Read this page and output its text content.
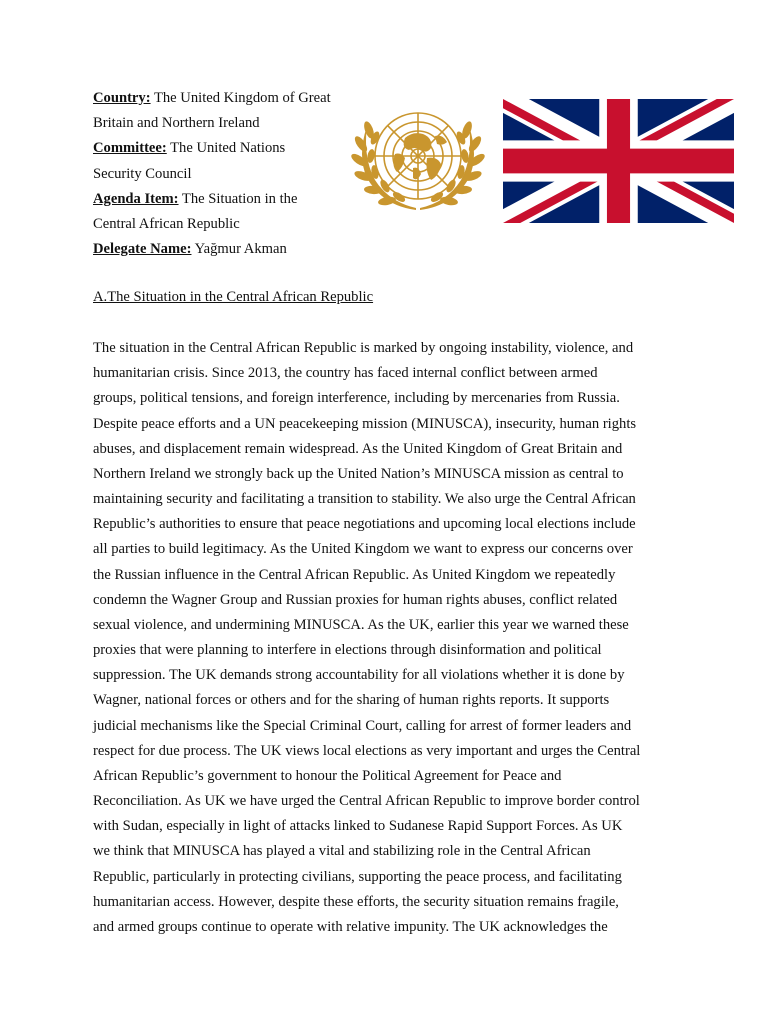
Country: The United Kingdom of Great
Britain and Northern Ireland
Committee: The United Nations
Security Council
Agenda Item: The Situation in the
Central African Republic
Delegate Name: Yağmur Akman
A.The Situation in the Central African Republic
The situation in the Central African Republic is marked by ongoing instability, violence, and
humanitarian crisis. Since 2013, the country has faced internal conflict between armed
groups, political tensions, and foreign interference, including by mercenaries from Russia.
Despite peace efforts and a UN peacekeeping mission (MINUSCA), insecurity, human rights
abuses, and displacement remain widespread. As the United Kingdom of Great Britain and
Northern Ireland we strongly back up the United Nation’s MINUSCA mission as central to
maintaining security and facilitating a transition to stability. We also urge the Central African
Republic’s authorities to ensure that peace negotiations and upcoming local elections include
all parties to build legitimacy. As the United Kingdom we want to express our concerns over
the Russian influence in the Central African Republic. As United Kingdom we repeatedly
condemn the Wagner Group and Russian proxies for human rights abuses, conflict related
sexual violence, and undermining MINUSCA. As the UK, earlier this year we warned these
proxies that were planning to interfere in elections through disinformation and political
suppression. The UK demands strong accountability for all violations whether it is done by
Wagner, national forces or others and for the sharing of human rights reports. It supports
judicial mechanisms like the Special Criminal Court, calling for arrest of former leaders and
respect for due process. The UK views local elections as very important and urges the Central
African Republic’s government to honour the Political Agreement for Peace and
Reconciliation. As UK we have urged the Central African Republic to improve border control
with Sudan, especially in light of attacks linked to Sudanese Rapid Support Forces. As UK
we think that MINUSCA has played a vital and stabilizing role in the Central African
Republic, particularly in protecting civilians, supporting the peace process, and facilitating
humanitarian access. However, despite these efforts, the security situation remains fragile,
and armed groups continue to operate with relative impunity. The UK acknowledges the
